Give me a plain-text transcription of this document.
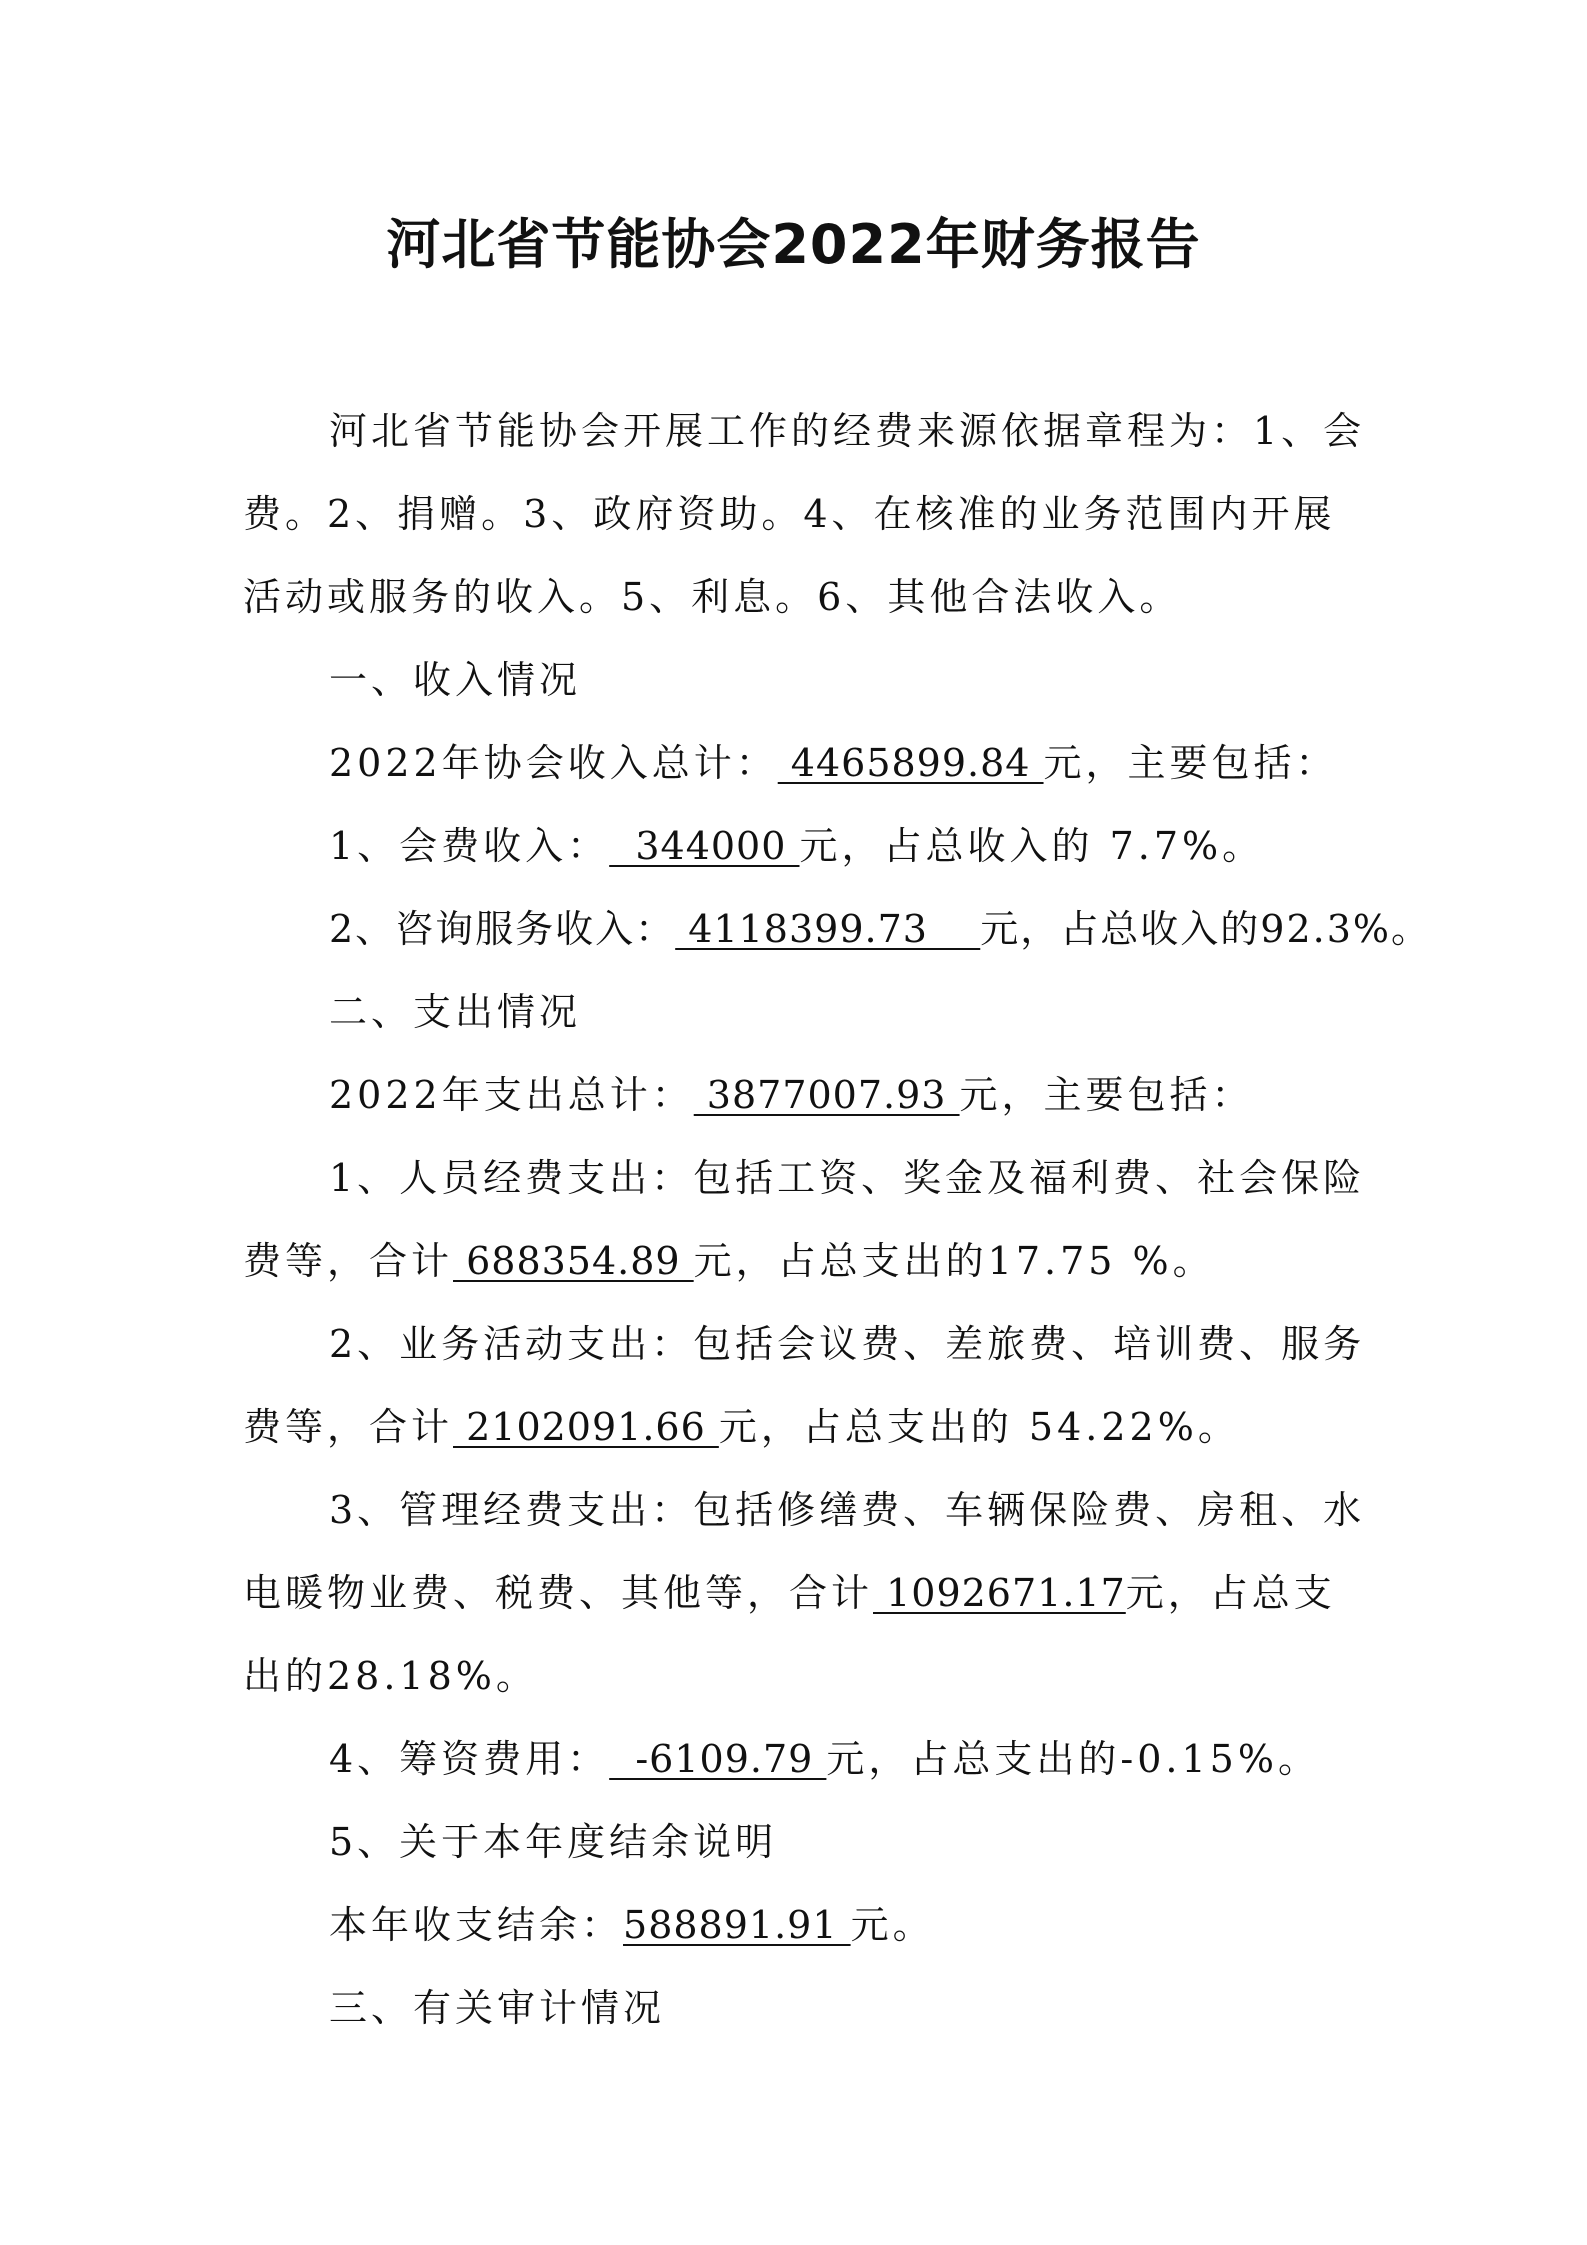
河北省节能协会2022年财务报告

河北省节能协会开展工作的经费来源依据章程为：1、会费。2、捐赠。3、政府资助。4、在核准的业务范围内开展活动或服务的收入。5、利息。6、其他合法收入。

一、收入情况

2022年协会收入总计： 4465899.84 元，主要包括：

1、会费收入：  344000 元，占总收入的 7.7%。

2、咨询服务收入： 4118399.73    元，占总收入的92.3%。

二、支出情况

2022年支出总计： 3877007.93 元，主要包括：

1、人员经费支出：包括工资、奖金及福利费、社会保险费等，合计 688354.89 元，占总支出的17.75 %。

2、业务活动支出：包括会议费、差旅费、培训费、服务费等，合计 2102091.66 元，占总支出的 54.22%。

3、管理经费支出：包括修缮费、车辆保险费、房租、水电暖物业费、税费、其他等，合计 1092671.17元，占总支出的28.18%。

4、筹资费用：  -6109.79 元，占总支出的-0.15%。

5、关于本年度结余说明

本年收支结余：588891.91 元。

三、有关审计情况
